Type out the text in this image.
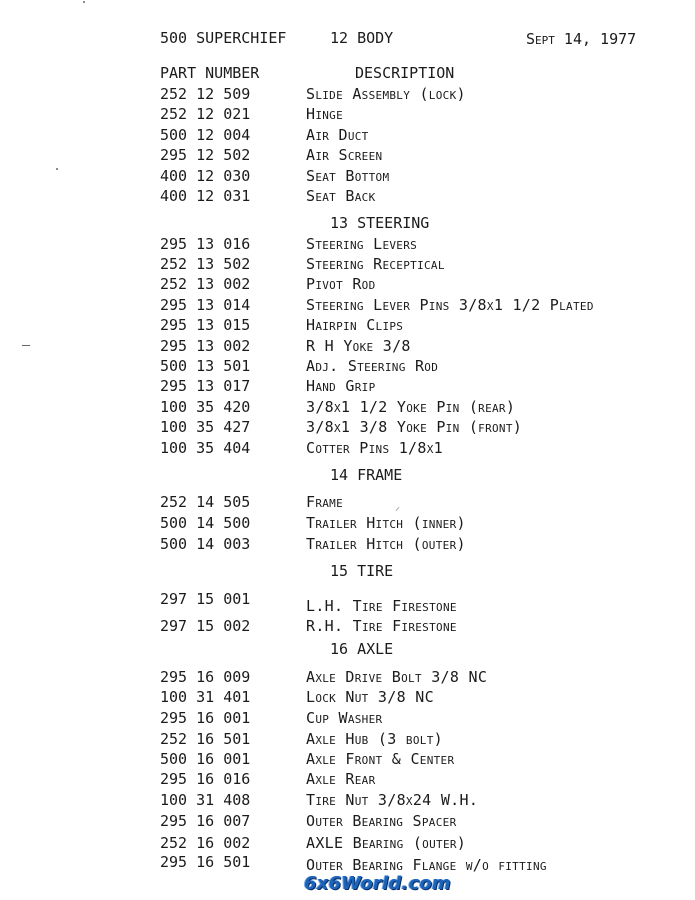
500 SUPERCHIEF	12 BODY	Sept 14, 1977
PART NUMBER	DESCRIPTION
252 12 509	Slide Assembly (lock)
252 12 021	Hinge
500 12 004	Air Duct
295 12 502	Air Screen
400 12 030	Seat Bottom
400 12 031	Seat Back
13 STEERING
295 13 016	Steering Levers
252 13 502	Steering Receptical
252 13 002	Pivot Rod
295 13 014	Steering Lever Pins 3/8x1 1/2 Plated
295 13 015	Hairpin Clips
295 13 002	R H Yoke 3/8
500 13 501	Adj. Steering Rod
295 13 017	Hand Grip
100 35 420	3/8x1 1/2 Yoke Pin (rear)
100 35 427	3/8x1 3/8 Yoke Pin (front)
100 35 404	Cotter Pins 1/8x1
14 FRAME
252 14 505	Frame	⸝
500 14 500	Trailer Hitch (inner)
500 14 003	Trailer Hitch (outer)
15 TIRE
297 15 001	L.H. Tire Firestone
297 15 002	R.H. Tire Firestone
16 AXLE
295 16 009	Axle Drive Bolt 3/8 NC
100 31 401	Lock Nut 3/8 NC
295 16 001	Cup Washer
252 16 501	Axle Hub (3 bolt)
500 16 001	Axle Front & Center
295 16 016	Axle Rear
100 31 408	Tire Nut 3/8x24 W.H.
295 16 007	Outer Bearing Spacer
252 16 002	AXLE Bearing (outer)
295 16 501	Outer Bearing Flange w/o fitting
6x6World.com
